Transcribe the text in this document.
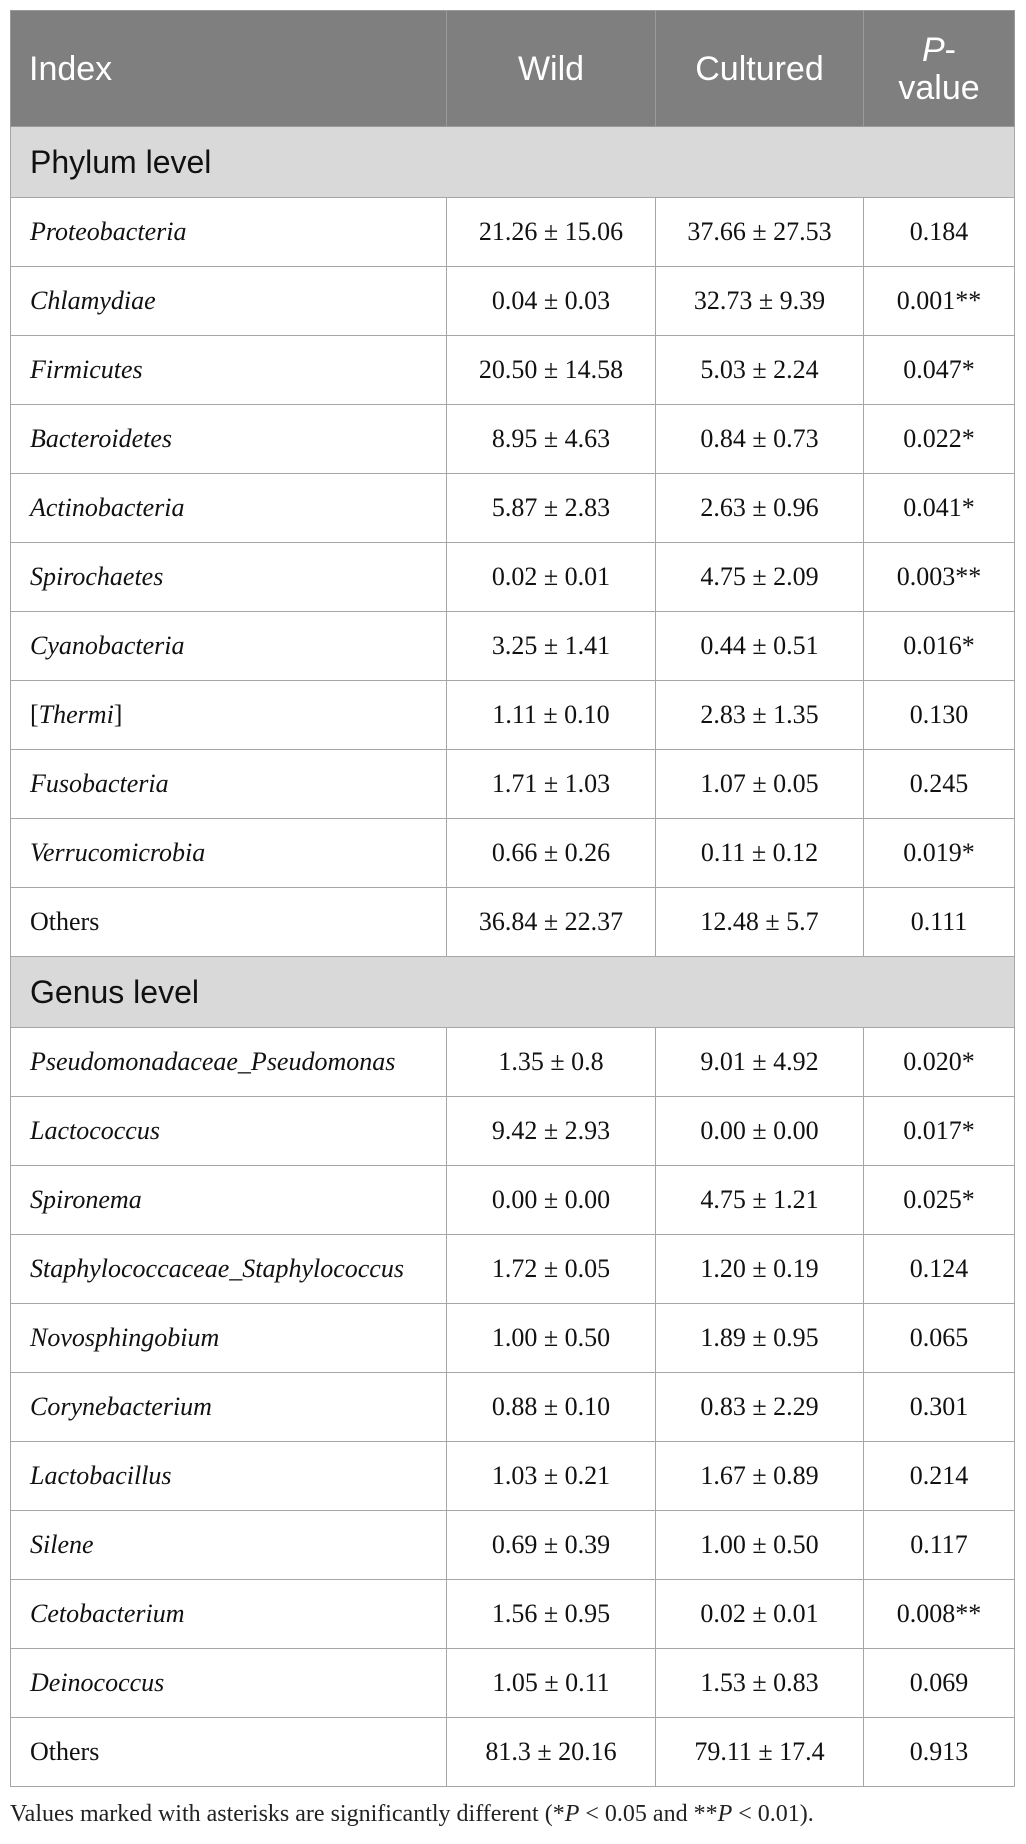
Index	Wild	Cultured	P-
value
Phylum level			
Proteobacteria	21.26 ± 15.06	37.66 ± 27.53	0.184
Chlamydiae	0.04 ± 0.03	32.73 ± 9.39	0.001**
Firmicutes	20.50 ± 14.58	5.03 ± 2.24	0.047*
Bacteroidetes	8.95 ± 4.63	0.84 ± 0.73	0.022*
Actinobacteria	5.87 ± 2.83	2.63 ± 0.96	0.041*
Spirochaetes	0.02 ± 0.01	4.75 ± 2.09	0.003**
Cyanobacteria	3.25 ± 1.41	0.44 ± 0.51	0.016*
[Thermi]	1.11 ± 0.10	2.83 ± 1.35	0.130
Fusobacteria	1.71 ± 1.03	1.07 ± 0.05	0.245
Verrucomicrobia	0.66 ± 0.26	0.11 ± 0.12	0.019*
Others	36.84 ± 22.37	12.48 ± 5.7	0.111
Genus level			
Pseudomonadaceae_Pseudomonas	1.35 ± 0.8	9.01 ± 4.92	0.020*
Lactococcus	9.42 ± 2.93	0.00 ± 0.00	0.017*
Spironema	0.00 ± 0.00	4.75 ± 1.21	0.025*
Staphylococcaceae_Staphylococcus	1.72 ± 0.05	1.20 ± 0.19	0.124
Novosphingobium	1.00 ± 0.50	1.89 ± 0.95	0.065
Corynebacterium	0.88 ± 0.10	0.83 ± 2.29	0.301
Lactobacillus	1.03 ± 0.21	1.67 ± 0.89	0.214
Silene	0.69 ± 0.39	1.00 ± 0.50	0.117
Cetobacterium	1.56 ± 0.95	0.02 ± 0.01	0.008**
Deinococcus	1.05 ± 0.11	1.53 ± 0.83	0.069
Others	81.3 ± 20.16	79.11 ± 17.4	0.913
Values marked with asterisks are significantly different (*P < 0.05 and **P < 0.01).
